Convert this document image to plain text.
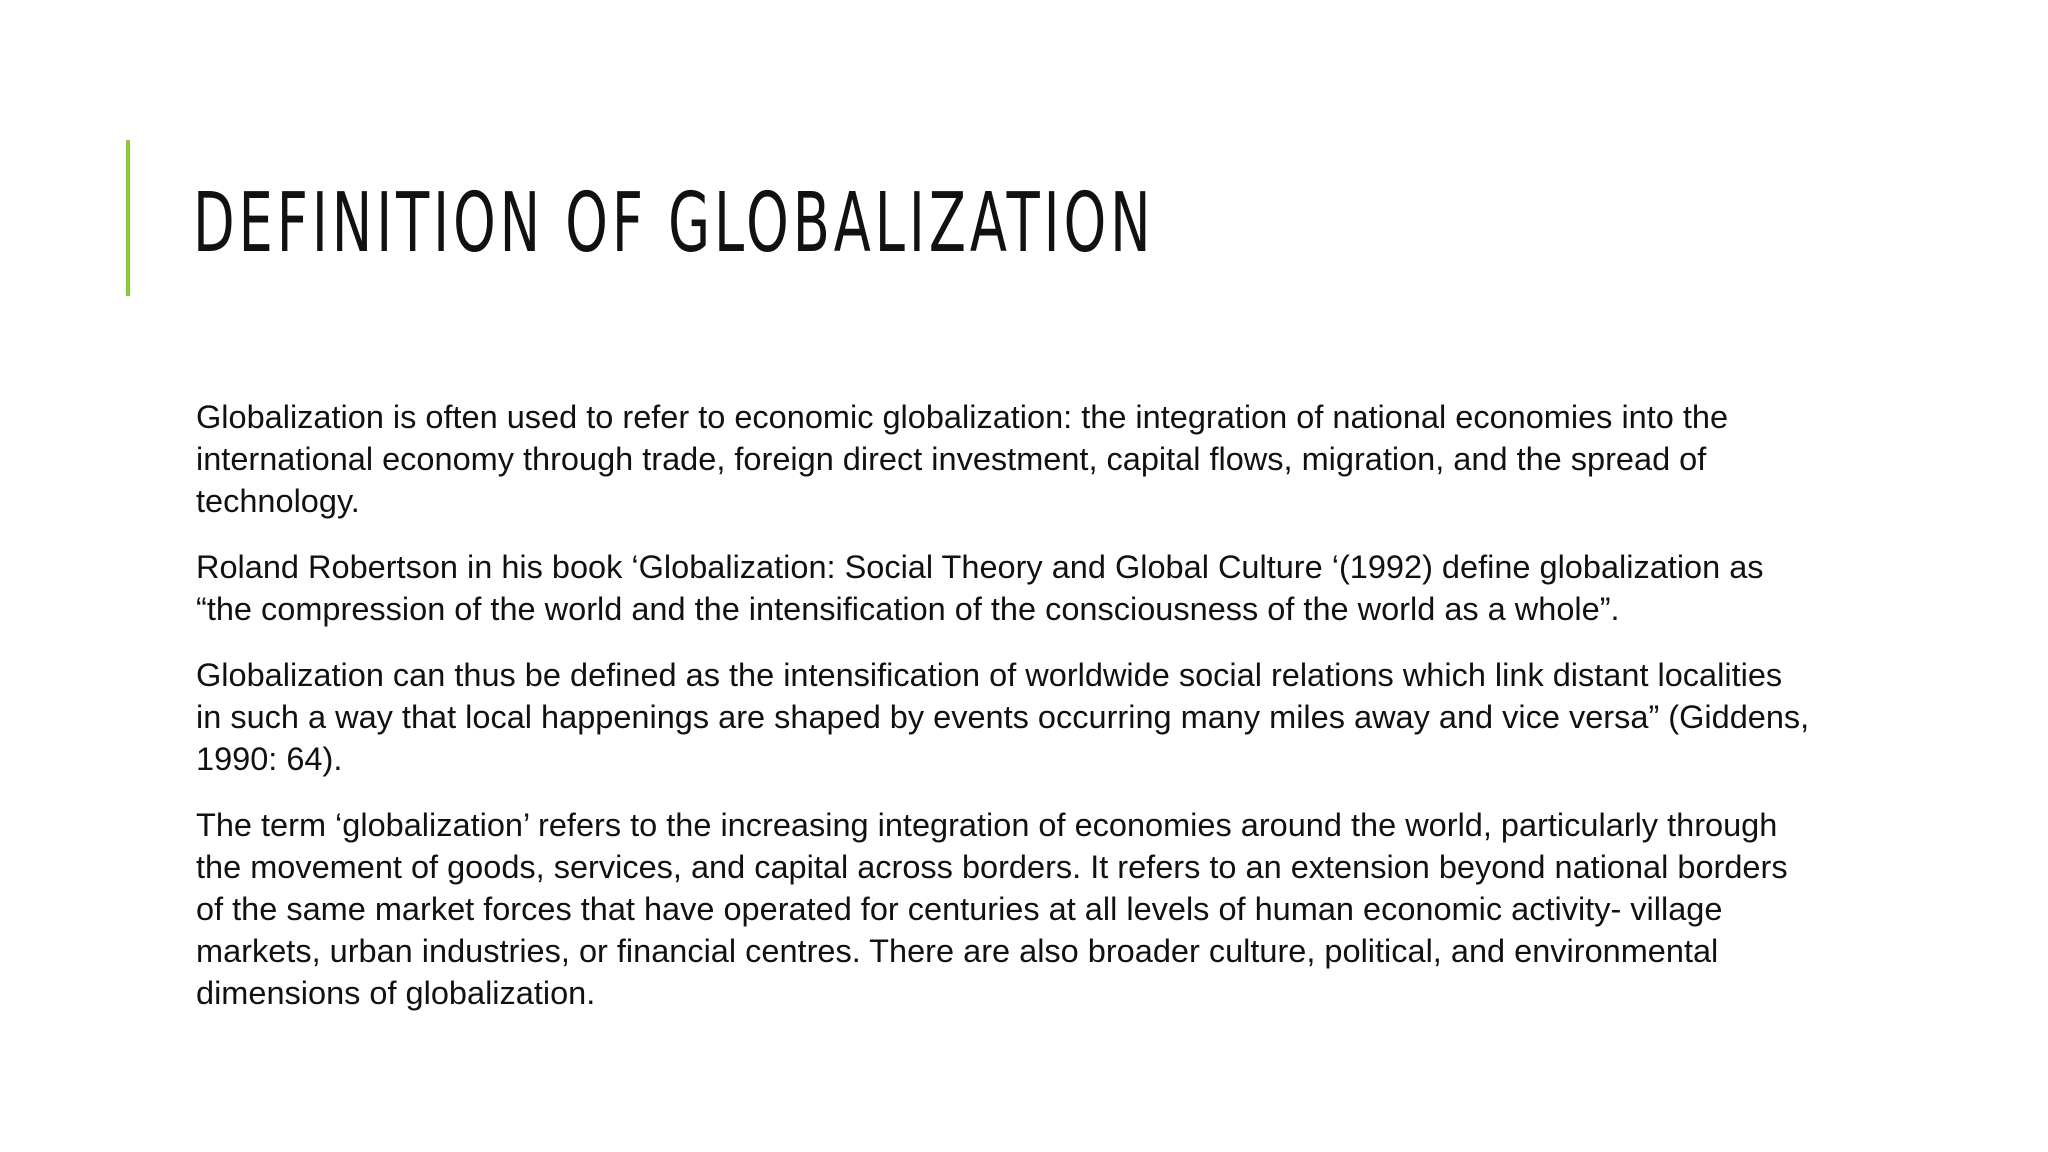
DEFINITION OF GLOBALIZATION

Globalization is often used to refer to economic globalization: the integration of national economies into the international economy through trade, foreign direct investment, capital flows, migration, and the spread of technology.

Roland Robertson in his book ‘Globalization: Social Theory and Global Culture ‘(1992) define globalization as “the compression of the world and the intensification of the consciousness of the world as a whole”.

Globalization can thus be defined as the intensification of worldwide social relations which link distant localities in such a way that local happenings are shaped by events occurring many miles away and vice versa” (Giddens, 1990: 64).

The term ‘globalization’ refers to the increasing integration of economies around the world, particularly through the movement of goods, services, and capital across borders. It refers to an extension beyond national borders of the same market forces that have operated for centuries at all levels of human economic activity- village markets, urban industries, or financial centres. There are also broader culture, political, and environmental dimensions of globalization.
